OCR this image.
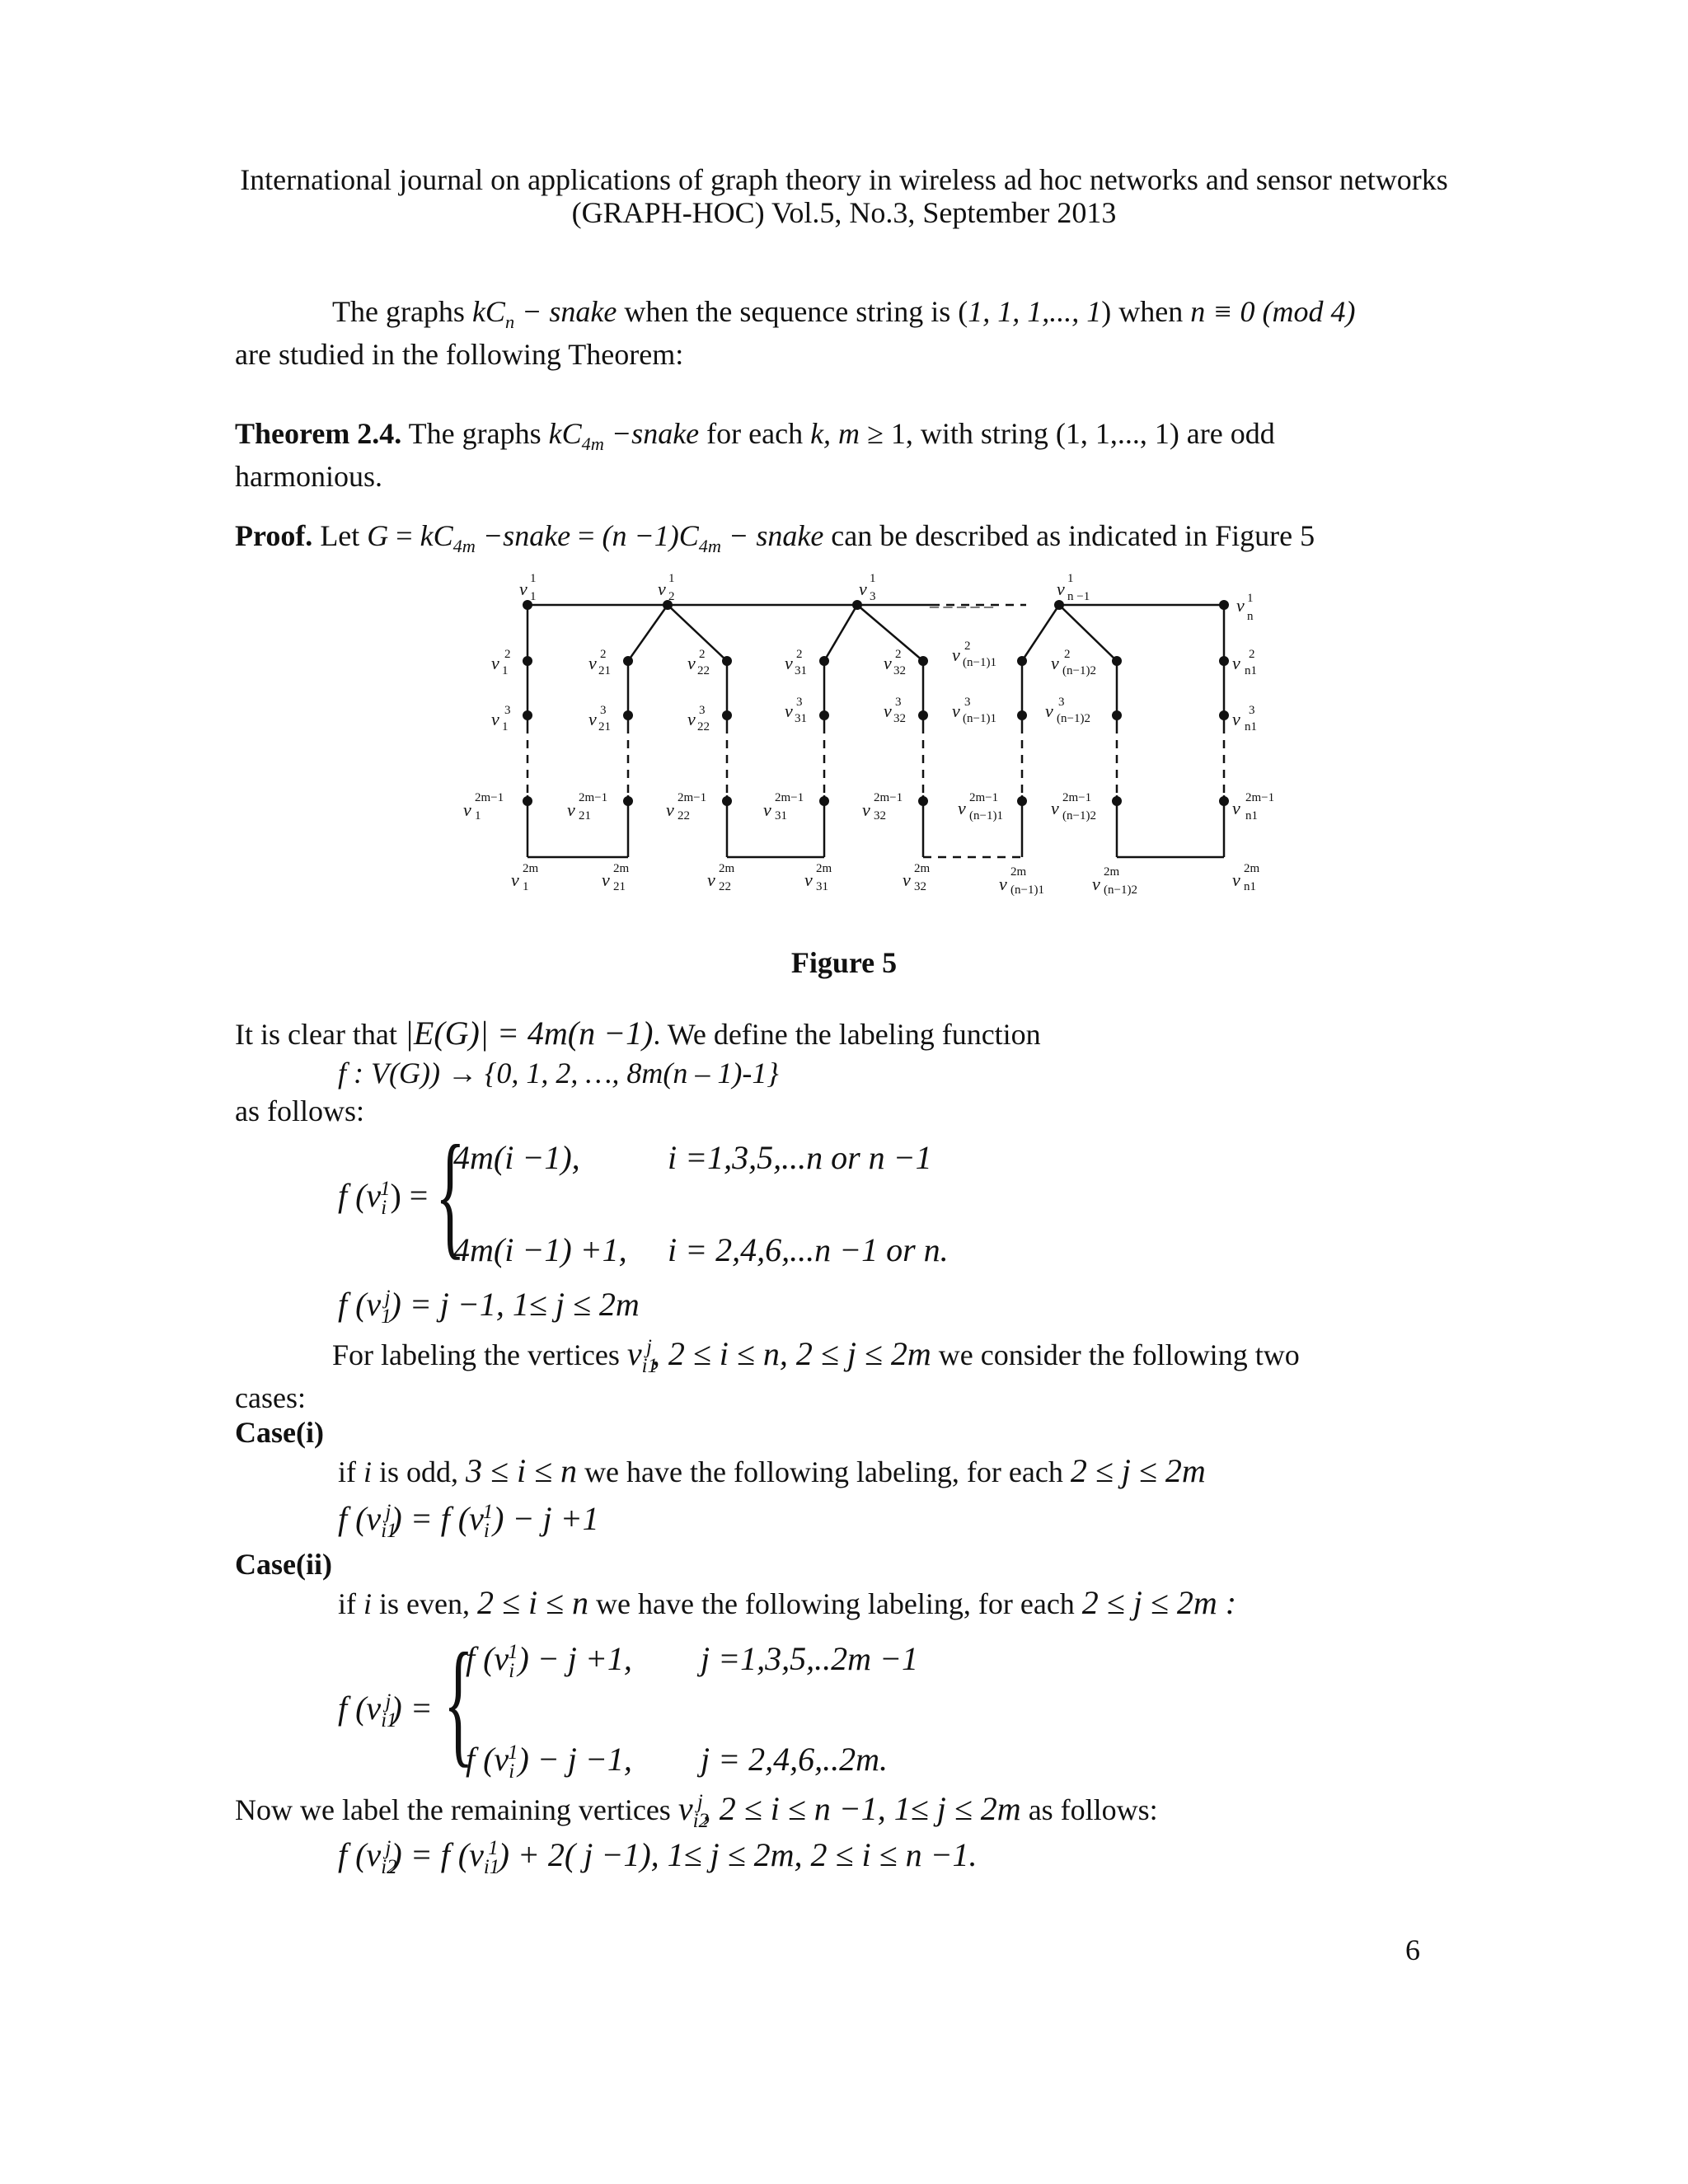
International journal on applications of graph theory in wireless ad hoc networks and sensor networks
(GRAPH-HOC) Vol.5, No.3, September 2013
The graphs $kC_n$ − snake when the sequence string is (1, 1, 1,..., 1) when n ≡ 0 (mod 4)
are studied in the following Theorem:
Theorem 2.4. The graphs $kC_{4m}$ −snake for each k, m ≥ 1, with string (1, 1,..., 1) are odd
harmonious.
Proof. Let $G = kC_{4m}$ −snake = $(n -1)C_{4m}$ − snake can be described as indicated in Figure 5
v 1
1	v 1
2	v 1
3	– – – – –
v 1
n −1	v 1
n
v 2
1	v 2
21	v 2
22	v 2
31	v 2
32
v 2
(n−1)1	v 2
(n−1)2	v 2
n1
v 3
1	v 3
21	v 3
22
v 3
31	v 3
32	v 3
(n−1)1	v 3
(n−1)2	v 3
n1
v
2m−1
1	v
2m−1
21	v
2m−1
22	v
2m−1
31	v
2m−1
32	v 2m−1
(n−1)1	v 2m−1
(n−1)2	v 2m−1
n1
v
2m
1	v
2m
21	v
2m
22	v
2m
31	v
2m
32	v
2m
(n−1)1	v
2m
(n−1)2	v
2m
n1
Figure 5
It is clear that |E(G)| = 4m(n −1). We define the labeling function
f : V(G)) → {0, 1, 2, …, 8m(n – 1)-1}
as follows:
f $(v_i^1)$ = {
4m(i −1),	i =1,3,5,...n or n −1
4m(i −1) +1, i = 2,4,6,...n −1 or n.
f $(v_1^j) = j -1$, 1≤ j ≤ 2m
For labeling the vertices $v_{i1}^j$, 2 ≤ i ≤ n, 2 ≤ j ≤ 2m we consider the following two
cases:
Case(i)
if i is odd, 3 ≤ i ≤ n we have the following labeling, for each 2 ≤ j ≤ 2m
f $(v_{i1}^j) = f$ $(v_i^1) - j +1$
Case(ii)
if i is even, 2 ≤ i ≤ n we have the following labeling, for each 2 ≤ j ≤ 2m :
f $(v_{i1}^j)$ = {
f $(v_i^1) - j +1$, j =1,3,5,..2m −1
f $(v_i^1) - j -1$, j = 2,4,6,..2m.
Now we label the remaining vertices $v_{i2}^j$, 2 ≤ i ≤ n −1, 1≤ j ≤ 2m as follows:
f $(v_{i2}^j) = f$ $(v_{i1}^1) + 2$( j −1), 1≤ j ≤ 2m, 2 ≤ i ≤ n −1.
6
